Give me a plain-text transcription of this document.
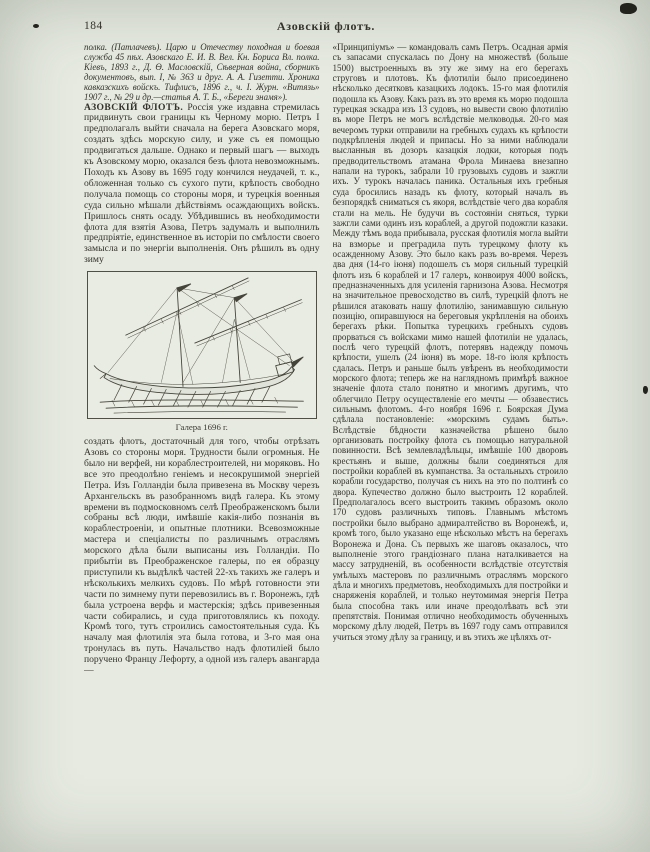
184	Азовскій флотъ.

полка. (Патлачевъ). Царю и Отечеству походная и боевая служба 45 пѣх. Азовскаго Е. И. В. Вел. Кн. Бориса Вл. полка. Кіевъ, 1893 г., Д. Ѳ. Масловскій, Сѣверная война, сборникъ документовъ, вып. I, № 363 и друг. А. А. Гизетти. Хроника кавказскихъ войскъ. Тифлисъ, 1896 г., ч. I. Журн. «Витязь» 1907 г., № 29 и др.—статья А. Т. Б., «Береги знамя»).

АЗОВСКІЙ ФЛОТЪ. Россія уже издавна стремилась придвинуть свои границы къ Черному морю. Петръ I предполагалъ выйти сначала на берега Азовскаго моря, создать здѣсь морскую силу, и уже съ ея помощью продвигаться дальше. Однако и первый шагъ — выходъ къ Азовскому морю, оказался безъ флота невозможнымъ. Походъ къ Азову въ 1695 году кончился неудачей, т. к., обложенная только съ сухого пути, крѣпость свободно получала помощь со стороны моря, и турецкія военныя суда сильно мѣшали дѣйствіямъ осаждающихъ войскъ. Пришлось снять осаду. Убѣдившись въ необходимости флота для взятія Азова, Петръ задумалъ и выполнилъ предпріятіе, единственное въ исторіи по смѣлости своего замысла и по энергіи выполненія. Онъ рѣшилъ въ одну зиму

Галера 1696 г.

создать флотъ, достаточный для того, чтобы отрѣзать Азовъ со стороны моря. Трудности были огромныя. Не было ни верфей, ни кораблестроителей, ни моряковъ. Но все это преодолѣно геніемъ и несокрушимой энергіей Петра. Изъ Голландіи была привезена въ Москву черезъ Архангельскъ въ разобранномъ видѣ галера. Къ этому времени въ подмосковномъ селѣ Преображенскомъ были собраны всѣ люди, имѣвшіе какія-либо познанія въ кораблестроеніи, и опытные плотники. Всевозможные мастера и спеціалисты по различнымъ отраслямъ морского дѣла были выписаны изъ Голландіи. По прибытіи въ Преображенское галеры, по ея образцу приступили къ выдѣлкѣ частей 22-хъ такихъ же галеръ и нѣсколькихъ мелкихъ судовъ. По мѣрѣ готовности эти части по зимнему пути перевозились въ г. Воронежъ, гдѣ была устроена верфь и мастерскія; здѣсь привезенныя части собирались, и суда приготовлялись къ походу. Кромѣ того, тутъ строились самостоятельныя суда. Къ началу мая флотилія эта была готова, и 3-го мая она тронулась въ путь. Начальство надъ флотиліей было поручено Францу Лефорту, а одной изъ галеръ авангарда—

«Принципіумъ» — командовалъ самъ Петръ. Осадная армія съ запасами спускалась по Дону на множествѣ (больше 1500) выстроенныхъ въ эту же зиму на его берегахъ струговъ и плотовъ. Къ флотиліи было присоединено нѣсколько десятковъ казацкихъ лодокъ. 15-го мая флотилія подошла къ Азову. Какъ разъ въ это время къ морю подошла турецкая эскадра изъ 13 судовъ, но вывести свою флотилію въ море Петръ не могъ вслѣдствіе мелководья. 20-го мая вечеромъ турки отправили на гребныхъ судахъ къ крѣпости подкрѣпленія людей и припасы. Но за ними наблюдали высланныя въ дозоръ казацкія лодки, которыя подъ предводительствомъ атамана Фрола Минаева внезапно напали на турокъ, забрали 10 грузовыхъ судовъ и зажгли ихъ. У турокъ началась паника. Остальныя ихъ гребныя суда бросились назадъ къ флоту, который началъ въ безпорядкѣ сниматься съ якоря, вслѣдствіе чего два корабля стали на мель. Не будучи въ состояніи сняться, турки зажгли сами одинъ изъ кораблей, а другой подожгли казаки. Между тѣмъ вода прибывала, русская флотилія могла выйти на взморье и преградила путь турецкому флоту къ осажденному Азову. Это было какъ разъ во-время. Черезъ два дня (14-го іюня) подошелъ съ моря сильный турецкій флотъ изъ 6 кораблей и 17 галеръ, конвоируя 4000 войскъ, предназначенныхъ для усиленія гарнизона Азова. Несмотря на значительное превосходство въ силѣ, турецкій флотъ не рѣшился атаковать нашу флотилію, занимавшую сильную позицію, опиравшуюся на береговыя укрѣпленія на обоихъ берегахъ рѣки. Попытка турецкихъ гребныхъ судовъ прорваться съ войсками мимо нашей флотиліи не удалась, послѣ чего турецкій флотъ, потерявъ надежду помочь крѣпости, ушелъ (24 іюня) въ море. 18-го іюля крѣпость сдалась. Петръ и раньше былъ увѣренъ въ необходимости морского флота; теперь же на наглядномъ примѣрѣ важное значеніе флота стало понятно и многимъ другимъ, что облегчило Петру осуществленіе его мечты — обзавестись сильнымъ флотомъ. 4-го ноября 1696 г. Боярская Дума сдѣлала постановленіе: «морскимъ судамъ быть». Вслѣдствіе бѣдности казначейства рѣшено было организовать постройку флота съ помощью натуральной повинности. Всѣ землевладѣльцы, имѣвшіе 100 дворовъ крестьянъ и выше, должны были соединяться для постройки кораблей въ кумпанства. За остальныхъ строило корабли государство, получая съ нихъ на это по полтинѣ со двора. Купечество должно было выстроить 12 кораблей. Предполагалось всего выстроить такимъ образомъ около 170 судовъ различныхъ типовъ. Главнымъ мѣстомъ постройки было выбрано адмиралтейство въ Воронежѣ, и, кромѣ того, было указано еще нѣсколько мѣстъ на берегахъ Воронежа и Дона. Съ первыхъ же шаговъ оказалось, что выполненіе этого грандіознаго плана наталкивается на массу затрудненій, въ особенности вслѣдствіе отсутствія умѣлыхъ мастеровъ по различнымъ отраслямъ морского дѣла и многихъ предметовъ, необходимыхъ для постройки и снаряженія кораблей, и только неутомимая энергія Петра была способна такъ или иначе преодолѣвать всѣ эти препятствія. Понимая отлично необходимость обученныхъ морскому дѣлу людей, Петръ въ 1697 году самъ отправился учиться этому дѣлу за границу, и въ этихъ же цѣляхъ от-
